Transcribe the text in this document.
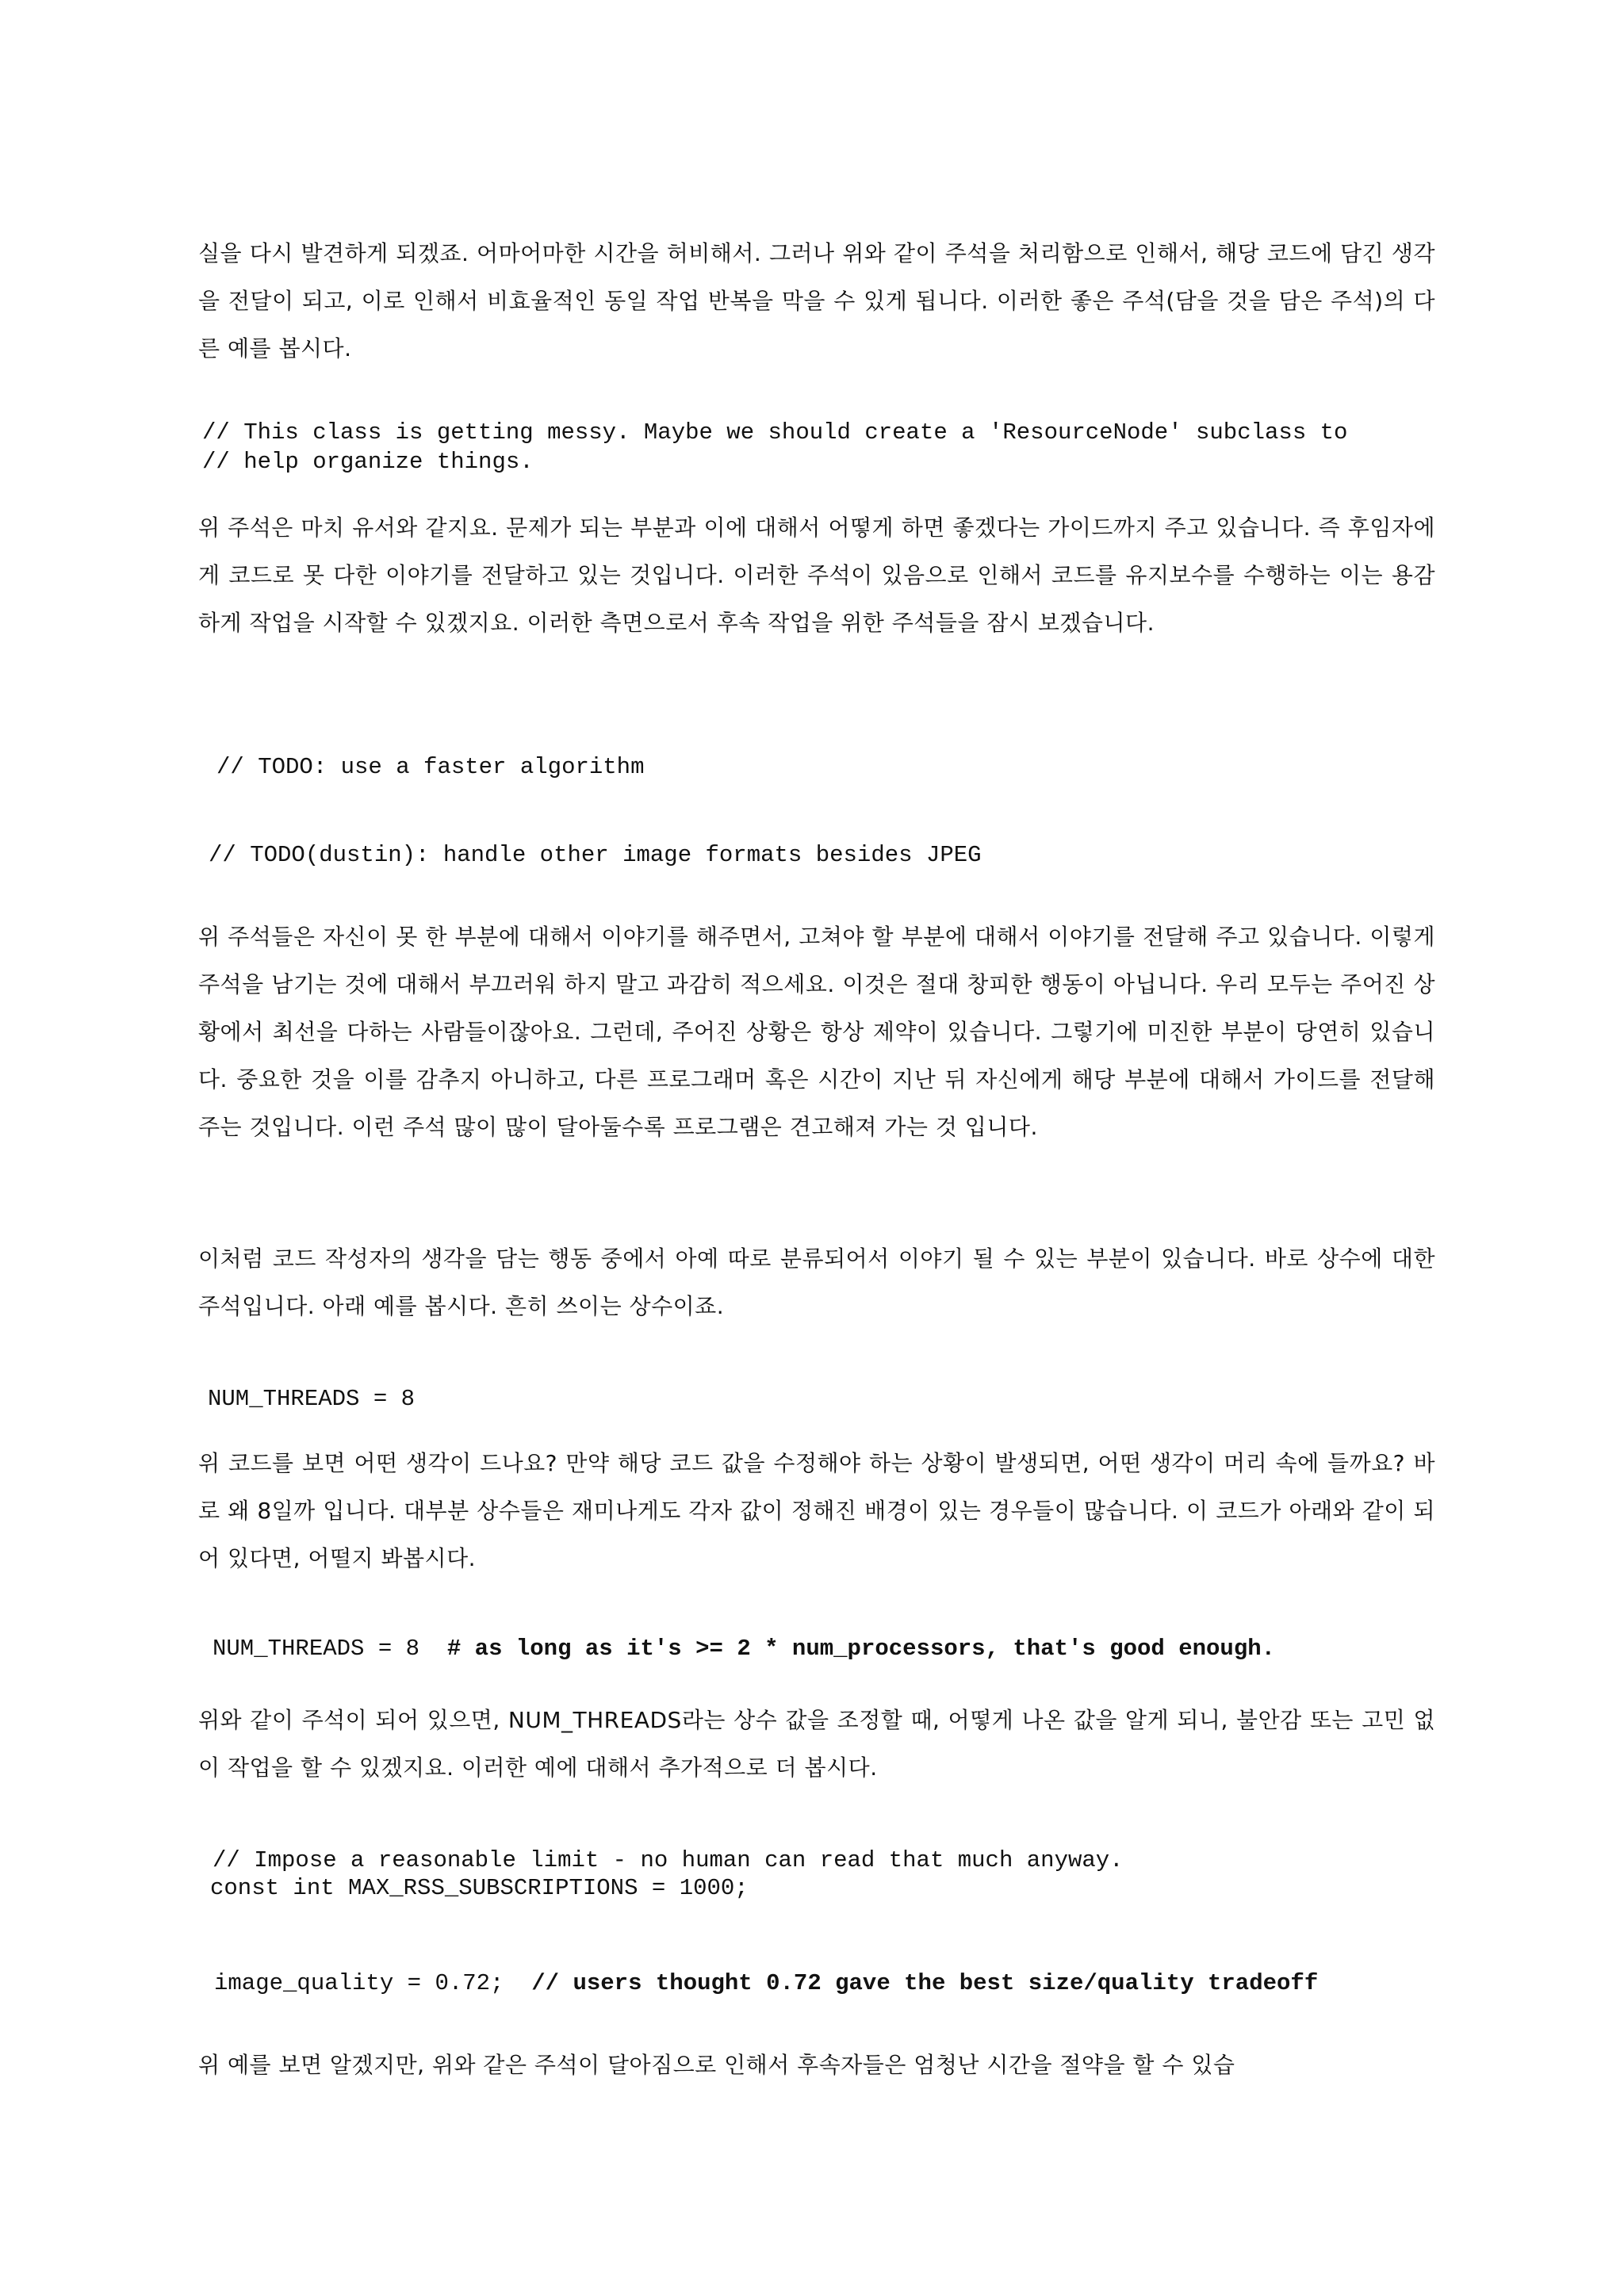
실을 다시 발견하게 되겠죠. 어마어마한 시간을 허비해서. 그러나 위와 같이 주석을 처리함으로 인해서, 해당 코드에 담긴 생각을 전달이 되고, 이로 인해서 비효율적인 동일 작업 반복을 막을 수 있게 됩니다. 이러한 좋은 주석(담을 것을 담은 주석)의 다른 예를 봅시다.

// This class is getting messy. Maybe we should create a 'ResourceNode' subclass to
// help organize things.

위 주석은 마치 유서와 같지요. 문제가 되는 부분과 이에 대해서 어떻게 하면 좋겠다는 가이드까지 주고 있습니다. 즉 후임자에게 코드로 못 다한 이야기를 전달하고 있는 것입니다. 이러한 주석이 있음으로 인해서 코드를 유지보수를 수행하는 이는 용감하게 작업을 시작할 수 있겠지요. 이러한 측면으로서 후속 작업을 위한 주석들을 잠시 보겠습니다.

// TODO: use a faster algorithm
// TODO(dustin): handle other image formats besides JPEG

위 주석들은 자신이 못 한 부분에 대해서 이야기를 해주면서, 고쳐야 할 부분에 대해서 이야기를 전달해 주고 있습니다. 이렇게 주석을 남기는 것에 대해서 부끄러워 하지 말고 과감히 적으세요. 이것은 절대 창피한 행동이 아닙니다. 우리 모두는 주어진 상황에서 최선을 다하는 사람들이잖아요. 그런데, 주어진 상황은 항상 제약이 있습니다. 그렇기에 미진한 부분이 당연히 있습니다. 중요한 것을 이를 감추지 아니하고, 다른 프로그래머 혹은 시간이 지난 뒤 자신에게 해당 부분에 대해서 가이드를 전달해 주는 것입니다. 이런 주석 많이 많이 달아둘수록 프로그램은 견고해져 가는 것 입니다.

이처럼 코드 작성자의 생각을 담는 행동 중에서 아예 따로 분류되어서 이야기 될 수 있는 부분이 있습니다. 바로 상수에 대한 주석입니다. 아래 예를 봅시다. 흔히 쓰이는 상수이죠.

NUM_THREADS = 8

위 코드를 보면 어떤 생각이 드나요? 만약 해당 코드 값을 수정해야 하는 상황이 발생되면, 어떤 생각이 머리 속에 들까요? 바로 왜 8일까 입니다. 대부분 상수들은 재미나게도 각자 값이 정해진 배경이 있는 경우들이 많습니다. 이 코드가 아래와 같이 되어 있다면, 어떨지 봐봅시다.

NUM_THREADS = 8  # as long as it's >= 2 * num_processors, that's good enough.

위와 같이 주석이 되어 있으면, NUM_THREADS라는 상수 값을 조정할 때, 어떻게 나온 값을 알게 되니, 불안감 또는 고민 없이 작업을 할 수 있겠지요. 이러한 예에 대해서 추가적으로 더 봅시다.

// Impose a reasonable limit - no human can read that much anyway.
const int MAX_RSS_SUBSCRIPTIONS = 1000;
image_quality = 0.72;  // users thought 0.72 gave the best size/quality tradeoff

위 예를 보면 알겠지만, 위와 같은 주석이 달아짐으로 인해서 후속자들은 엄청난 시간을 절약을 할 수 있습
